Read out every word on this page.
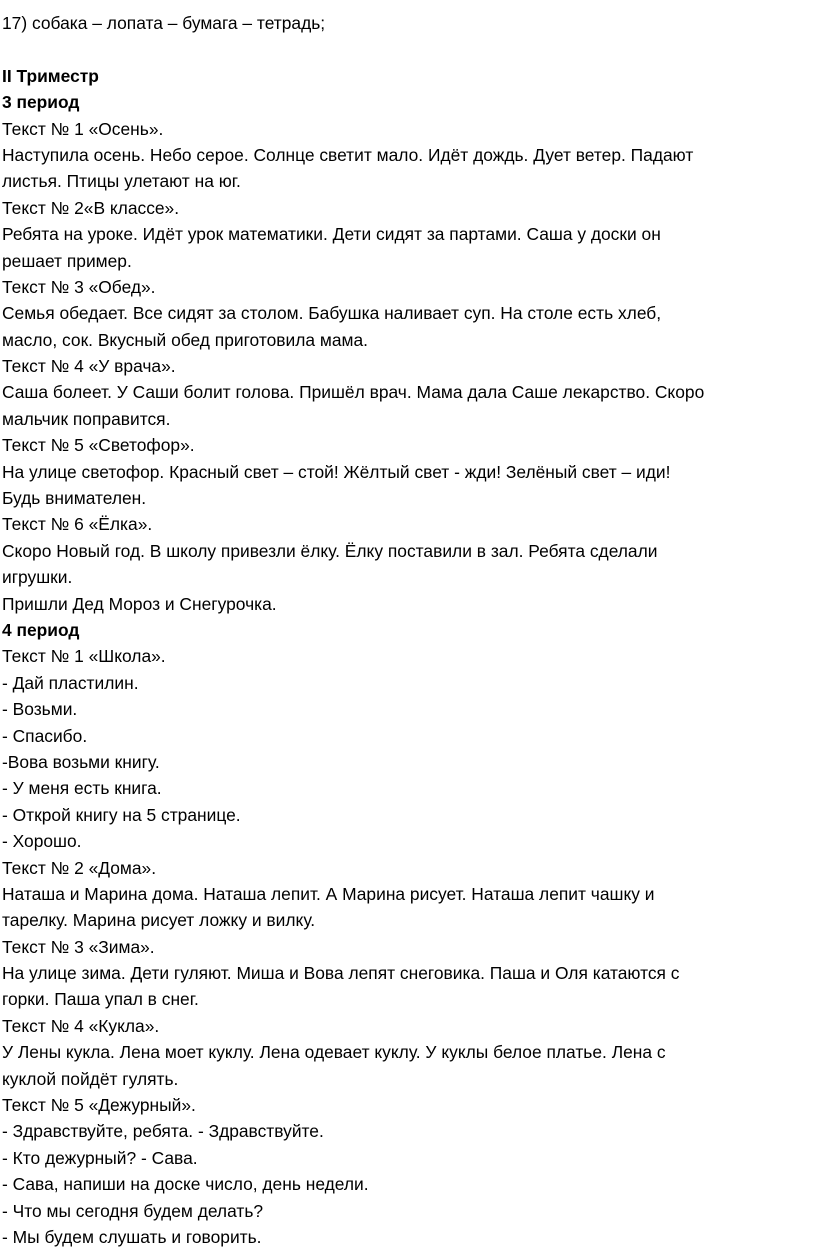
17) собака – лопата – бумага – тетрадь;
II Триместр
3 период
Текст № 1 «Осень».
Наступила осень. Небо серое. Солнце светит мало. Идёт дождь. Дует ветер. Падают
листья. Птицы улетают на юг.
Текст № 2«В классе».
Ребята на уроке. Идёт урок математики. Дети сидят за партами. Саша у доски он
решает пример.
Текст № 3 «Обед».
Семья обедает. Все сидят за столом. Бабушка наливает суп. На столе есть хлеб,
масло, сок. Вкусный обед приготовила мама.
Текст № 4 «У врача».
Саша болеет. У Саши болит голова. Пришёл врач. Мама дала Саше лекарство. Скоро
мальчик поправится.
Текст № 5 «Светофор».
На улице светофор. Красный свет – стой! Жёлтый свет - жди! Зелёный свет – иди!
Будь внимателен.
Текст № 6 «Ёлка».
Скоро Новый год. В школу привезли ёлку. Ёлку поставили в зал. Ребята сделали
игрушки.
Пришли Дед Мороз и Снегурочка.
4 период
Текст № 1 «Школа».
- Дай пластилин.
- Возьми.
- Спасибо.
-Вова возьми книгу.
- У меня есть книга.
- Открой книгу на 5 странице.
- Хорошо.
Текст № 2 «Дома».
Наташа и Марина дома. Наташа лепит. А Марина рисует. Наташа лепит чашку и
тарелку. Марина рисует ложку и вилку.
Текст № 3 «Зима».
На улице зима. Дети гуляют. Миша и Вова лепят снеговика. Паша и Оля катаются с
горки. Паша упал в снег.
Текст № 4 «Кукла».
У Лены кукла. Лена моет куклу. Лена одевает куклу. У куклы белое платье. Лена с
куклой пойдёт гулять.
Текст № 5 «Дежурный».
- Здравствуйте, ребята. - Здравствуйте.
- Кто дежурный? - Сава.
- Сава, напиши на доске число, день недели.
- Что мы сегодня будем делать?
- Мы будем слушать и говорить.
